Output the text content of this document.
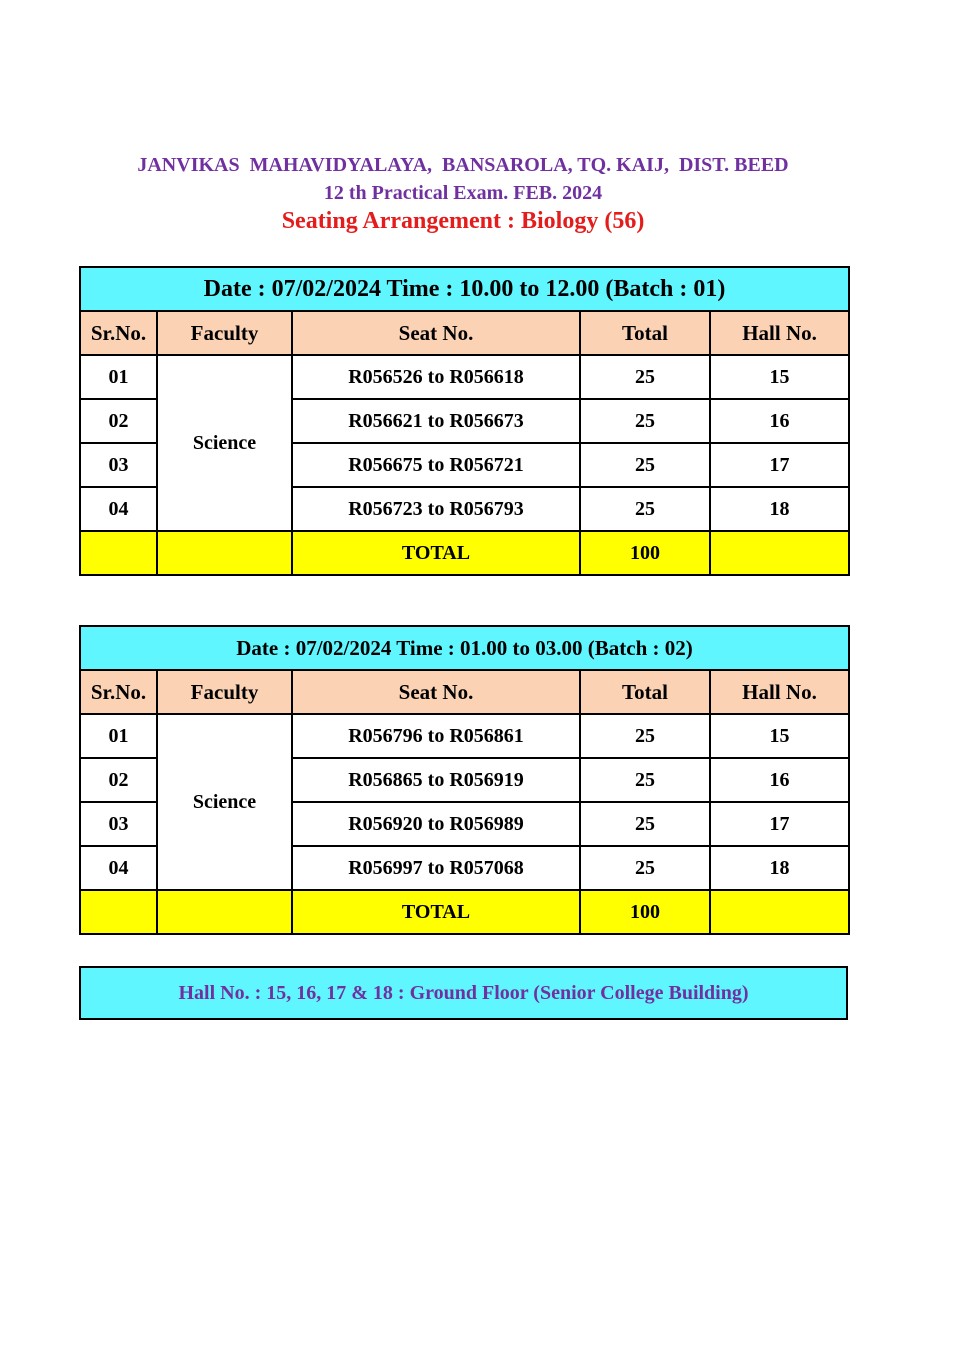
JANVIKAS  MAHAVIDYALAYA,  BANSAROLA, TQ. KAIJ,  DIST. BEED
12 th Practical Exam. FEB. 2024
Seating Arrangement : Biology (56)
Date : 07/02/2024 Time : 10.00 to 12.00 (Batch : 01)				
Sr.No.	Faculty	Seat No.	Total	Hall No.
01	Science	R056526 to R056618	25	15
02		R056621 to R056673	25	16
03		R056675 to R056721	25	17
04		R056723 to R056793	25	18
		TOTAL	100	
Date : 07/02/2024 Time : 01.00 to 03.00 (Batch : 02)				
Sr.No.	Faculty	Seat No.	Total	Hall No.
01	Science	R056796 to R056861	25	15
02		R056865 to R056919	25	16
03		R056920 to R056989	25	17
04		R056997 to R057068	25	18
		TOTAL	100	
Hall No. : 15, 16, 17 & 18 : Ground Floor (Senior College Building)
